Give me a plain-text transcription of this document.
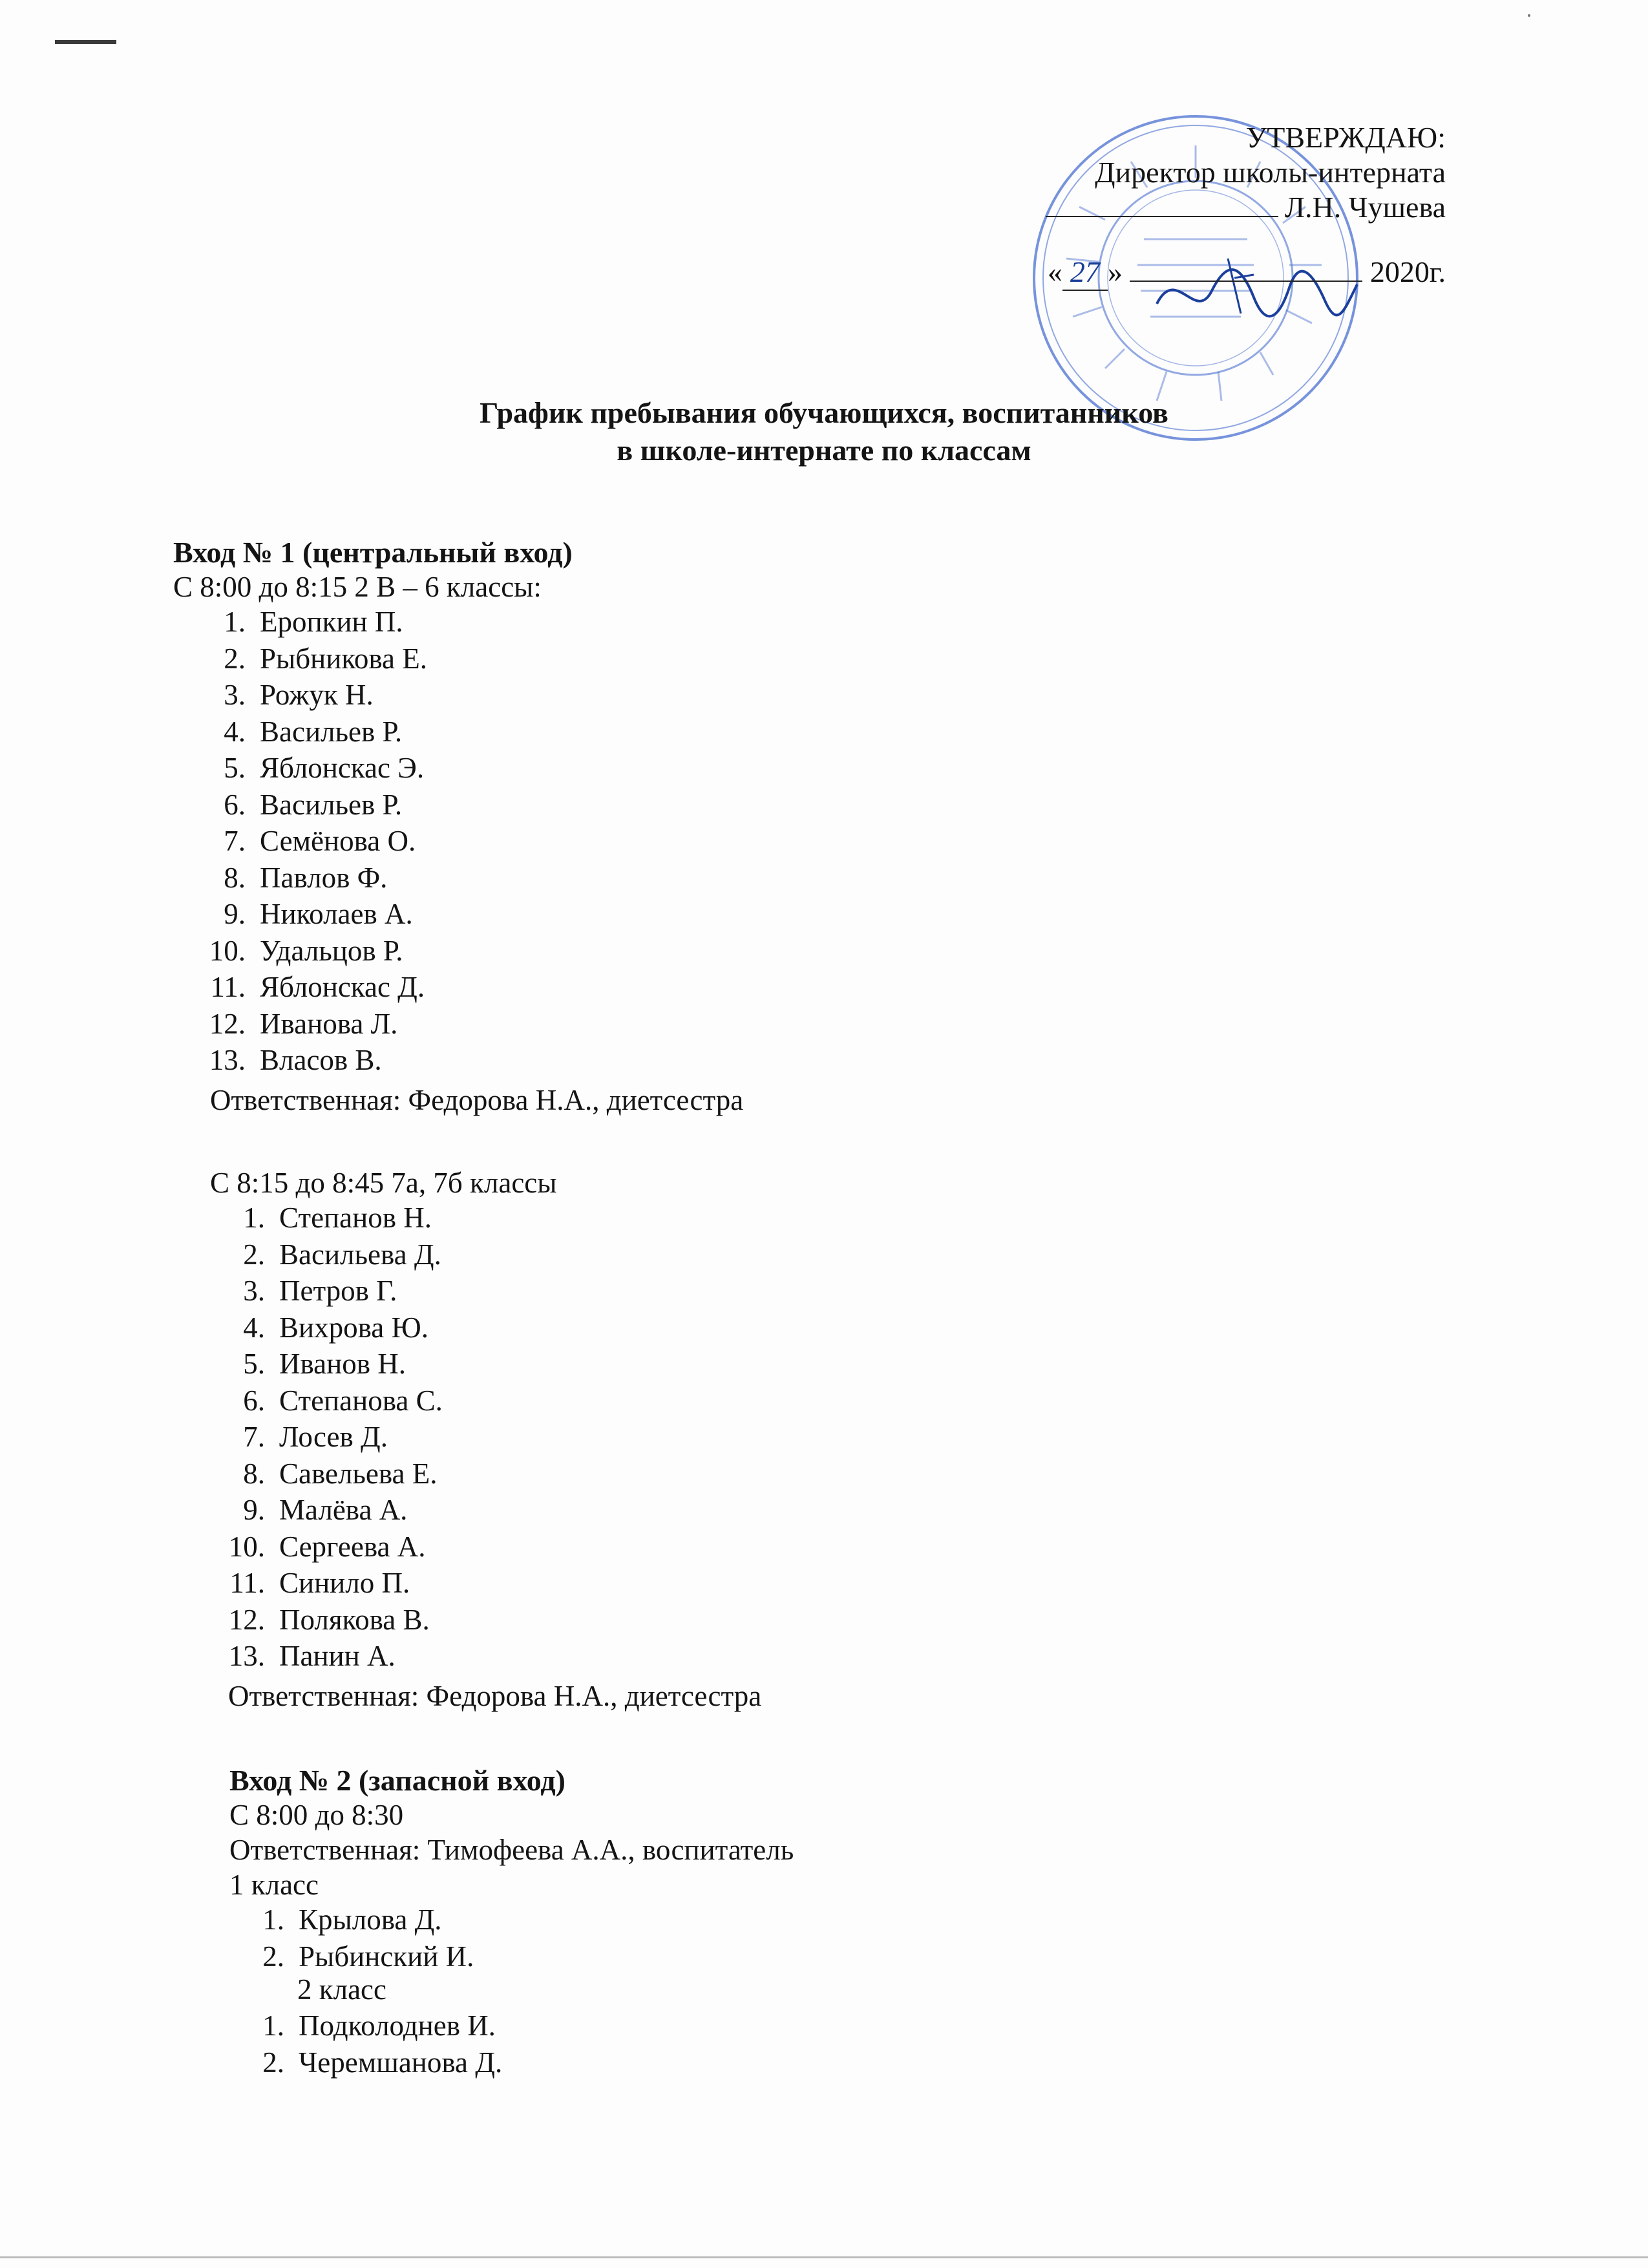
УТВЕРЖДАЮ:
Директор школы-интерната
Л.Н. Чушева
« 27 »	2020г.
График пребывания обучающихся, воспитанников
в школе-интернате по классам
Вход № 1 (центральный вход)
С 8:00 до 8:15 2 В – 6 классы:
1. Еропкин П.
2. Рыбникова Е.
3. Рожук Н.
4. Васильев Р.
5. Яблонскас Э.
6. Васильев Р.
7. Семёнова О.
8. Павлов Ф.
9. Николаев А.
10. Удальцов Р.
11. Яблонскас Д.
12. Иванова Л.
13. Власов В.
Ответственная: Федорова Н.А., диетсестра
С 8:15 до 8:45 7а, 7б классы
1. Степанов Н.
2. Васильева Д.
3. Петров Г.
4. Вихрова Ю.
5. Иванов Н.
6. Степанова С.
7. Лосев Д.
8. Савельева Е.
9. Малёва А.
10. Сергеева А.
11. Синило П.
12. Полякова В.
13. Панин А.
Ответственная: Федорова Н.А., диетсестра
Вход № 2 (запасной вход)
С 8:00 до 8:30
Ответственная: Тимофеева А.А., воспитатель
1 класс
1. Крылова Д.
2. Рыбинский И.
2 класс
1. Подколоднев И.
2. Черемшанова Д.
